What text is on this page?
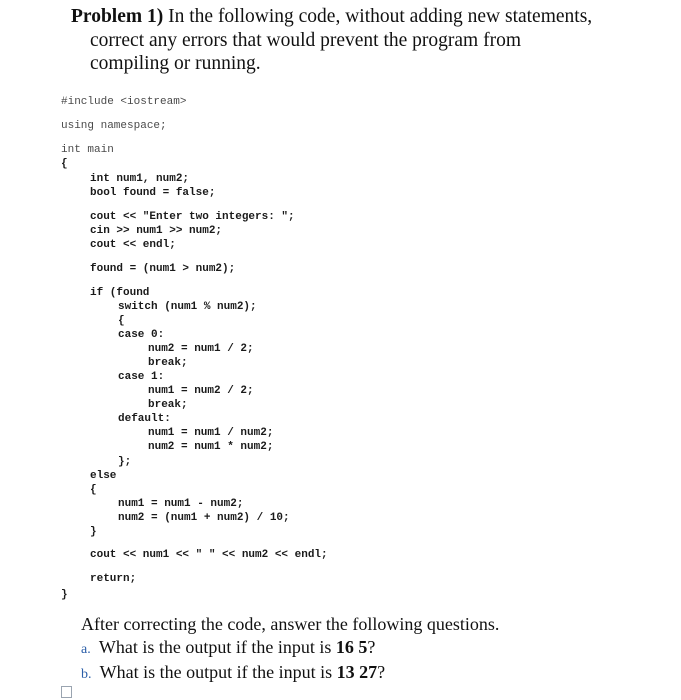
Problem 1) In the following code, without adding new statements,
correct any errors that would prevent the program from
compiling or running.

#include <iostream>

using namespace;

int main

{

int num1, num2;

bool found = false;

cout << "Enter two integers: ";

cin >> num1 >> num2;

cout << endl;

found = (num1 > num2);

if (found

switch (num1 % num2);

{

case 0:

num2 = num1 / 2;

break;

case 1:

num1 = num2 / 2;

break;

default:

num1 = num1 / num2;

num2 = num1 * num2;

};

else

{

num1 = num1 - num2;

num2 = (num1 + num2) / 10;

}

cout << num1 << " " << num2 << endl;

return;

}

After correcting the code, answer the following questions.
a. What is the output if the input is 16 5?
b. What is the output if the input is 13 27?
